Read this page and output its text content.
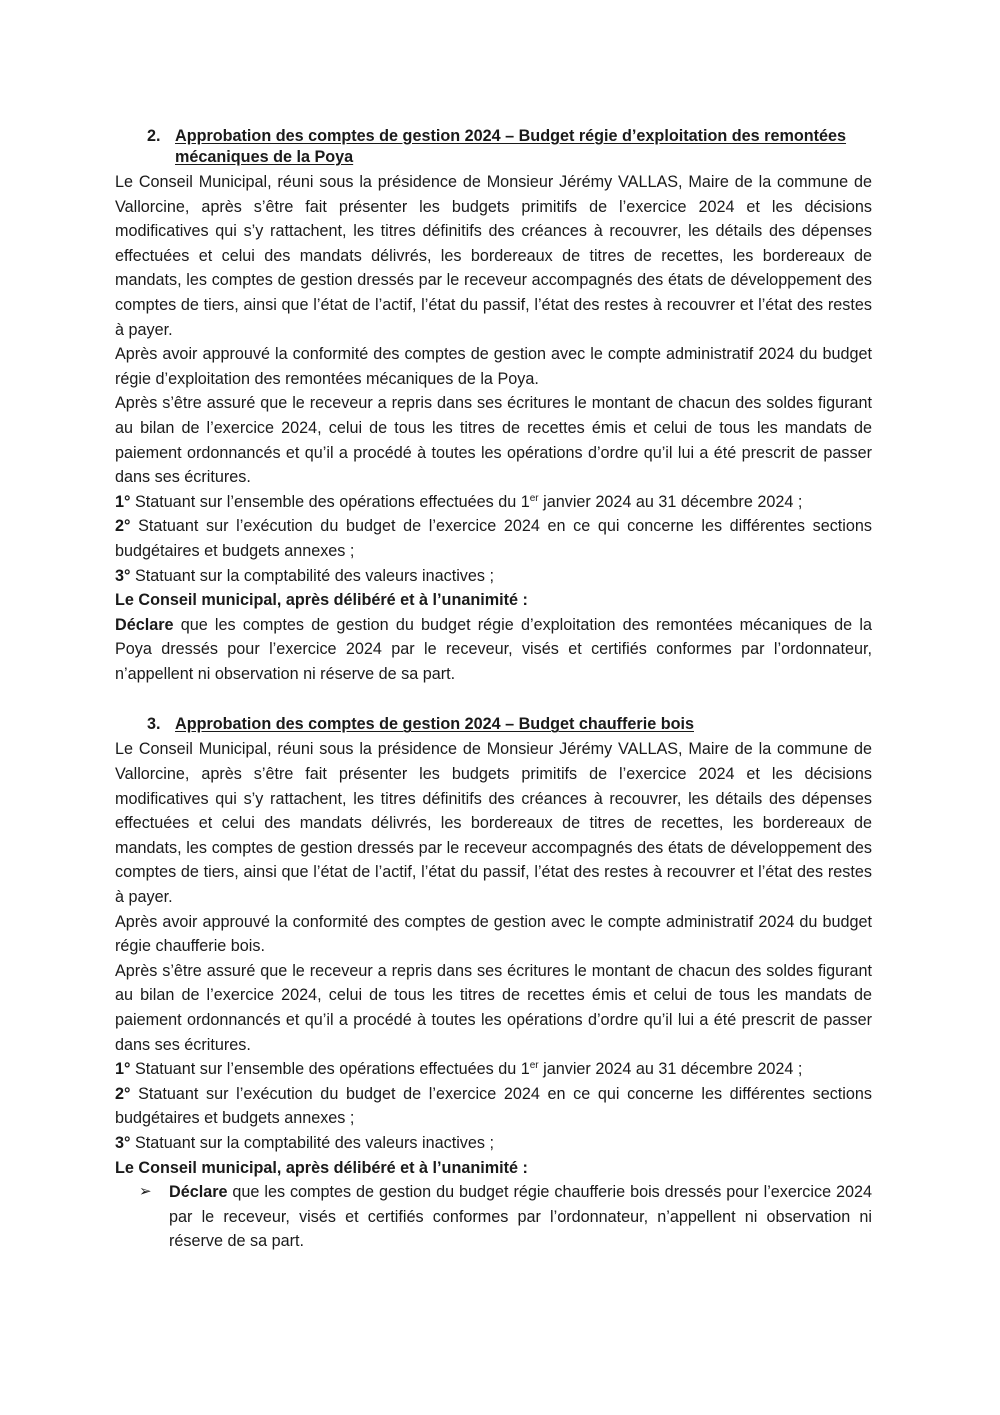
2. Approbation des comptes de gestion 2024 – Budget régie d’exploitation des remontées mécaniques de la Poya

Le Conseil Municipal, réuni sous la présidence de Monsieur Jérémy VALLAS, Maire de la commune de Vallorcine, après s’être fait présenter les budgets primitifs de l’exercice 2024 et les décisions modificatives qui s’y rattachent, les titres définitifs des créances à recouvrer, les détails des dépenses effectuées et celui des mandats délivrés, les bordereaux de titres de recettes, les bordereaux de mandats, les comptes de gestion dressés par le receveur accompagnés des états de développement des comptes de tiers, ainsi que l’état de l’actif, l’état du passif, l’état des restes à recouvrer et l’état des restes à payer.

Après avoir approuvé la conformité des comptes de gestion avec le compte administratif 2024 du budget régie d’exploitation des remontées mécaniques de la Poya.

Après s’être assuré que le receveur a repris dans ses écritures le montant de chacun des soldes figurant au bilan de l’exercice 2024, celui de tous les titres de recettes émis et celui de tous les mandats de paiement ordonnancés et qu’il a procédé à toutes les opérations d’ordre qu’il lui a été prescrit de passer dans ses écritures.

1° Statuant sur l’ensemble des opérations effectuées du 1er janvier 2024 au 31 décembre 2024 ;

2° Statuant sur l’exécution du budget de l’exercice 2024 en ce qui concerne les différentes sections budgétaires et budgets annexes ;

3° Statuant sur la comptabilité des valeurs inactives ;

Le Conseil municipal, après délibéré et à l’unanimité :

Déclare que les comptes de gestion du budget régie d’exploitation des remontées mécaniques de la Poya dressés pour l’exercice 2024 par le receveur, visés et certifiés conformes par l’ordonnateur, n’appellent ni observation ni réserve de sa part.

3. Approbation des comptes de gestion 2024 – Budget chaufferie bois

Le Conseil Municipal, réuni sous la présidence de Monsieur Jérémy VALLAS, Maire de la commune de Vallorcine, après s’être fait présenter les budgets primitifs de l’exercice 2024 et les décisions modificatives qui s’y rattachent, les titres définitifs des créances à recouvrer, les détails des dépenses effectuées et celui des mandats délivrés, les bordereaux de titres de recettes, les bordereaux de mandats, les comptes de gestion dressés par le receveur accompagnés des états de développement des comptes de tiers, ainsi que l’état de l’actif, l’état du passif, l’état des restes à recouvrer et l’état des restes à payer.

Après avoir approuvé la conformité des comptes de gestion avec le compte administratif 2024 du budget régie chaufferie bois.

Après s’être assuré que le receveur a repris dans ses écritures le montant de chacun des soldes figurant au bilan de l’exercice 2024, celui de tous les titres de recettes émis et celui de tous les mandats de paiement ordonnancés et qu’il a procédé à toutes les opérations d’ordre qu’il lui a été prescrit de passer dans ses écritures.

1° Statuant sur l’ensemble des opérations effectuées du 1er janvier 2024 au 31 décembre 2024 ;

2° Statuant sur l’exécution du budget de l’exercice 2024 en ce qui concerne les différentes sections budgétaires et budgets annexes ;

3° Statuant sur la comptabilité des valeurs inactives ;

Le Conseil municipal, après délibéré et à l’unanimité :

➢	Déclare que les comptes de gestion du budget régie chaufferie bois dressés pour l’exercice 2024 par le receveur, visés et certifiés conformes par l’ordonnateur, n’appellent ni observation ni réserve de sa part.
